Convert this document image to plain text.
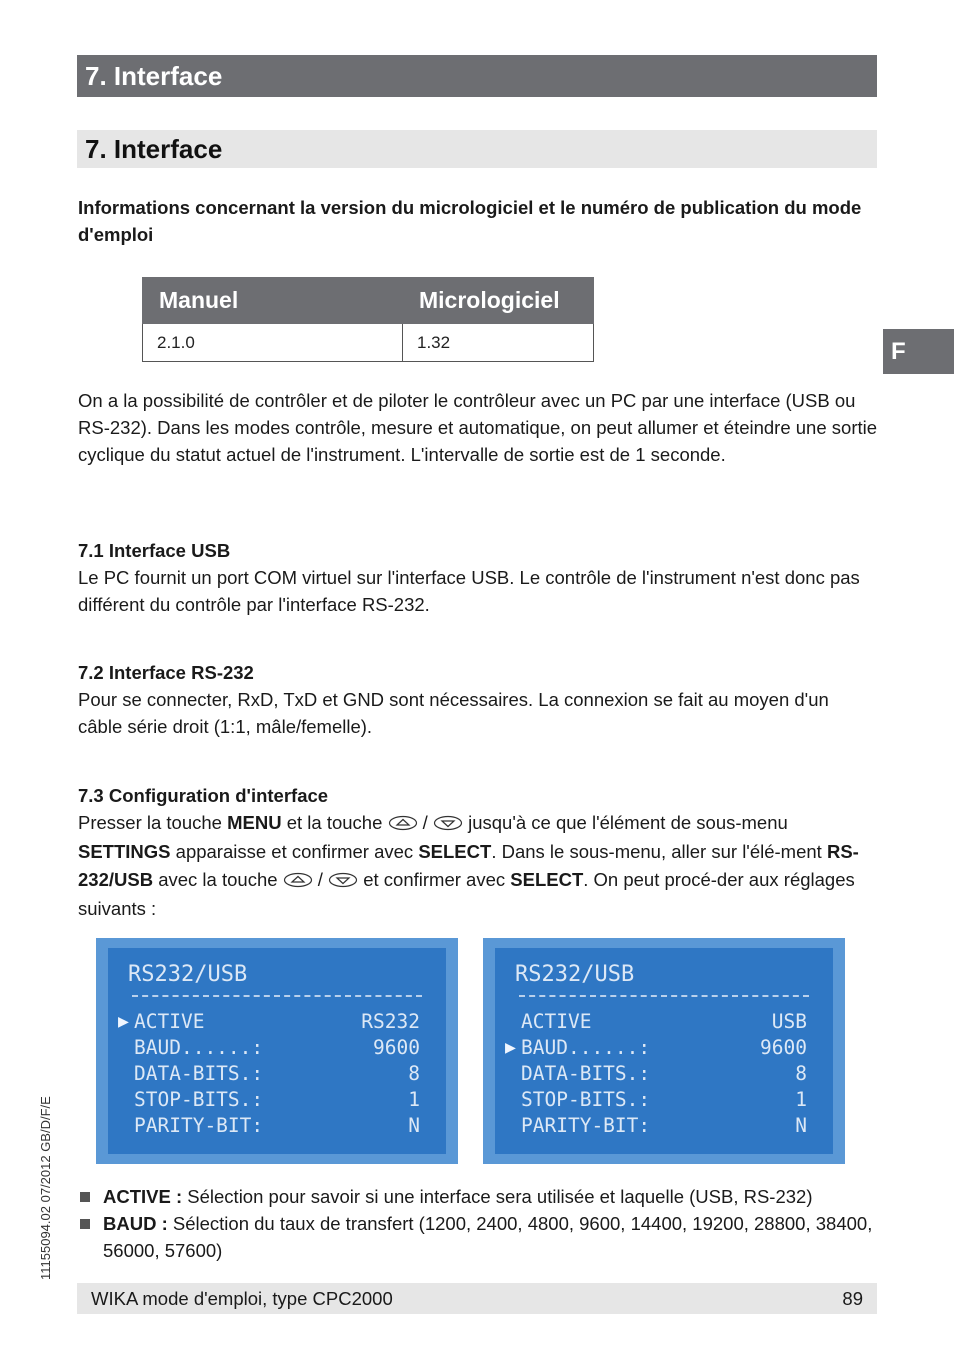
7. Interface
7. Interface
Informations concernant la version du micrologiciel et le numéro de publication du mode d'emploi
Manuel	Micrologiciel
2.1.0	1.32	F
On a la possibilité de contrôler et de piloter le contrôleur avec un PC par une interface (USB ou RS-232). Dans les modes contrôle, mesure et automatique, on peut allumer et éteindre une sortie cyclique du statut actuel de l'instrument. L'intervalle de sortie est de 1 seconde.
7.1 Interface USB
Le PC fournit un port COM virtuel sur l'interface USB. Le contrôle de l'instrument n'est donc pas différent du contrôle par l'interface RS-232.
7.2 Interface RS-232
Pour se connecter, RxD, TxD et GND sont nécessaires. La connexion se fait au moyen d'un câble série droit (1:1, mâle/femelle).
7.3 Configuration d'interface
Presser la touche MENU et la touche  /  jusqu'à ce que l'élément de sous-menu SETTINGS apparaisse et confirmer avec SELECT. Dans le sous-menu, aller sur l'élé-ment RS-232/USB avec la touche  /  et confirmer avec SELECT. On peut procé-der aux réglages suivants :
RS232/USB
▶ ACTIVE	RS232
BAUD......:	9600
DATA-BITS.:	8
STOP-BITS.:	1
PARITY-BIT:	N
RS232/USB
ACTIVE	USB
▶ BAUD......:	9600
DATA-BITS.:	8
STOP-BITS.:	1
PARITY-BIT:	N
ACTIVE : Sélection pour savoir si une interface sera utilisée et laquelle (USB, RS-232)
BAUD : Sélection du taux de transfert (1200, 2400, 4800, 9600, 14400, 19200, 28800, 38400, 56000, 57600)
11155094.02 07/2012 GB/D/F/E
WIKA mode d'emploi, type CPC2000	89
